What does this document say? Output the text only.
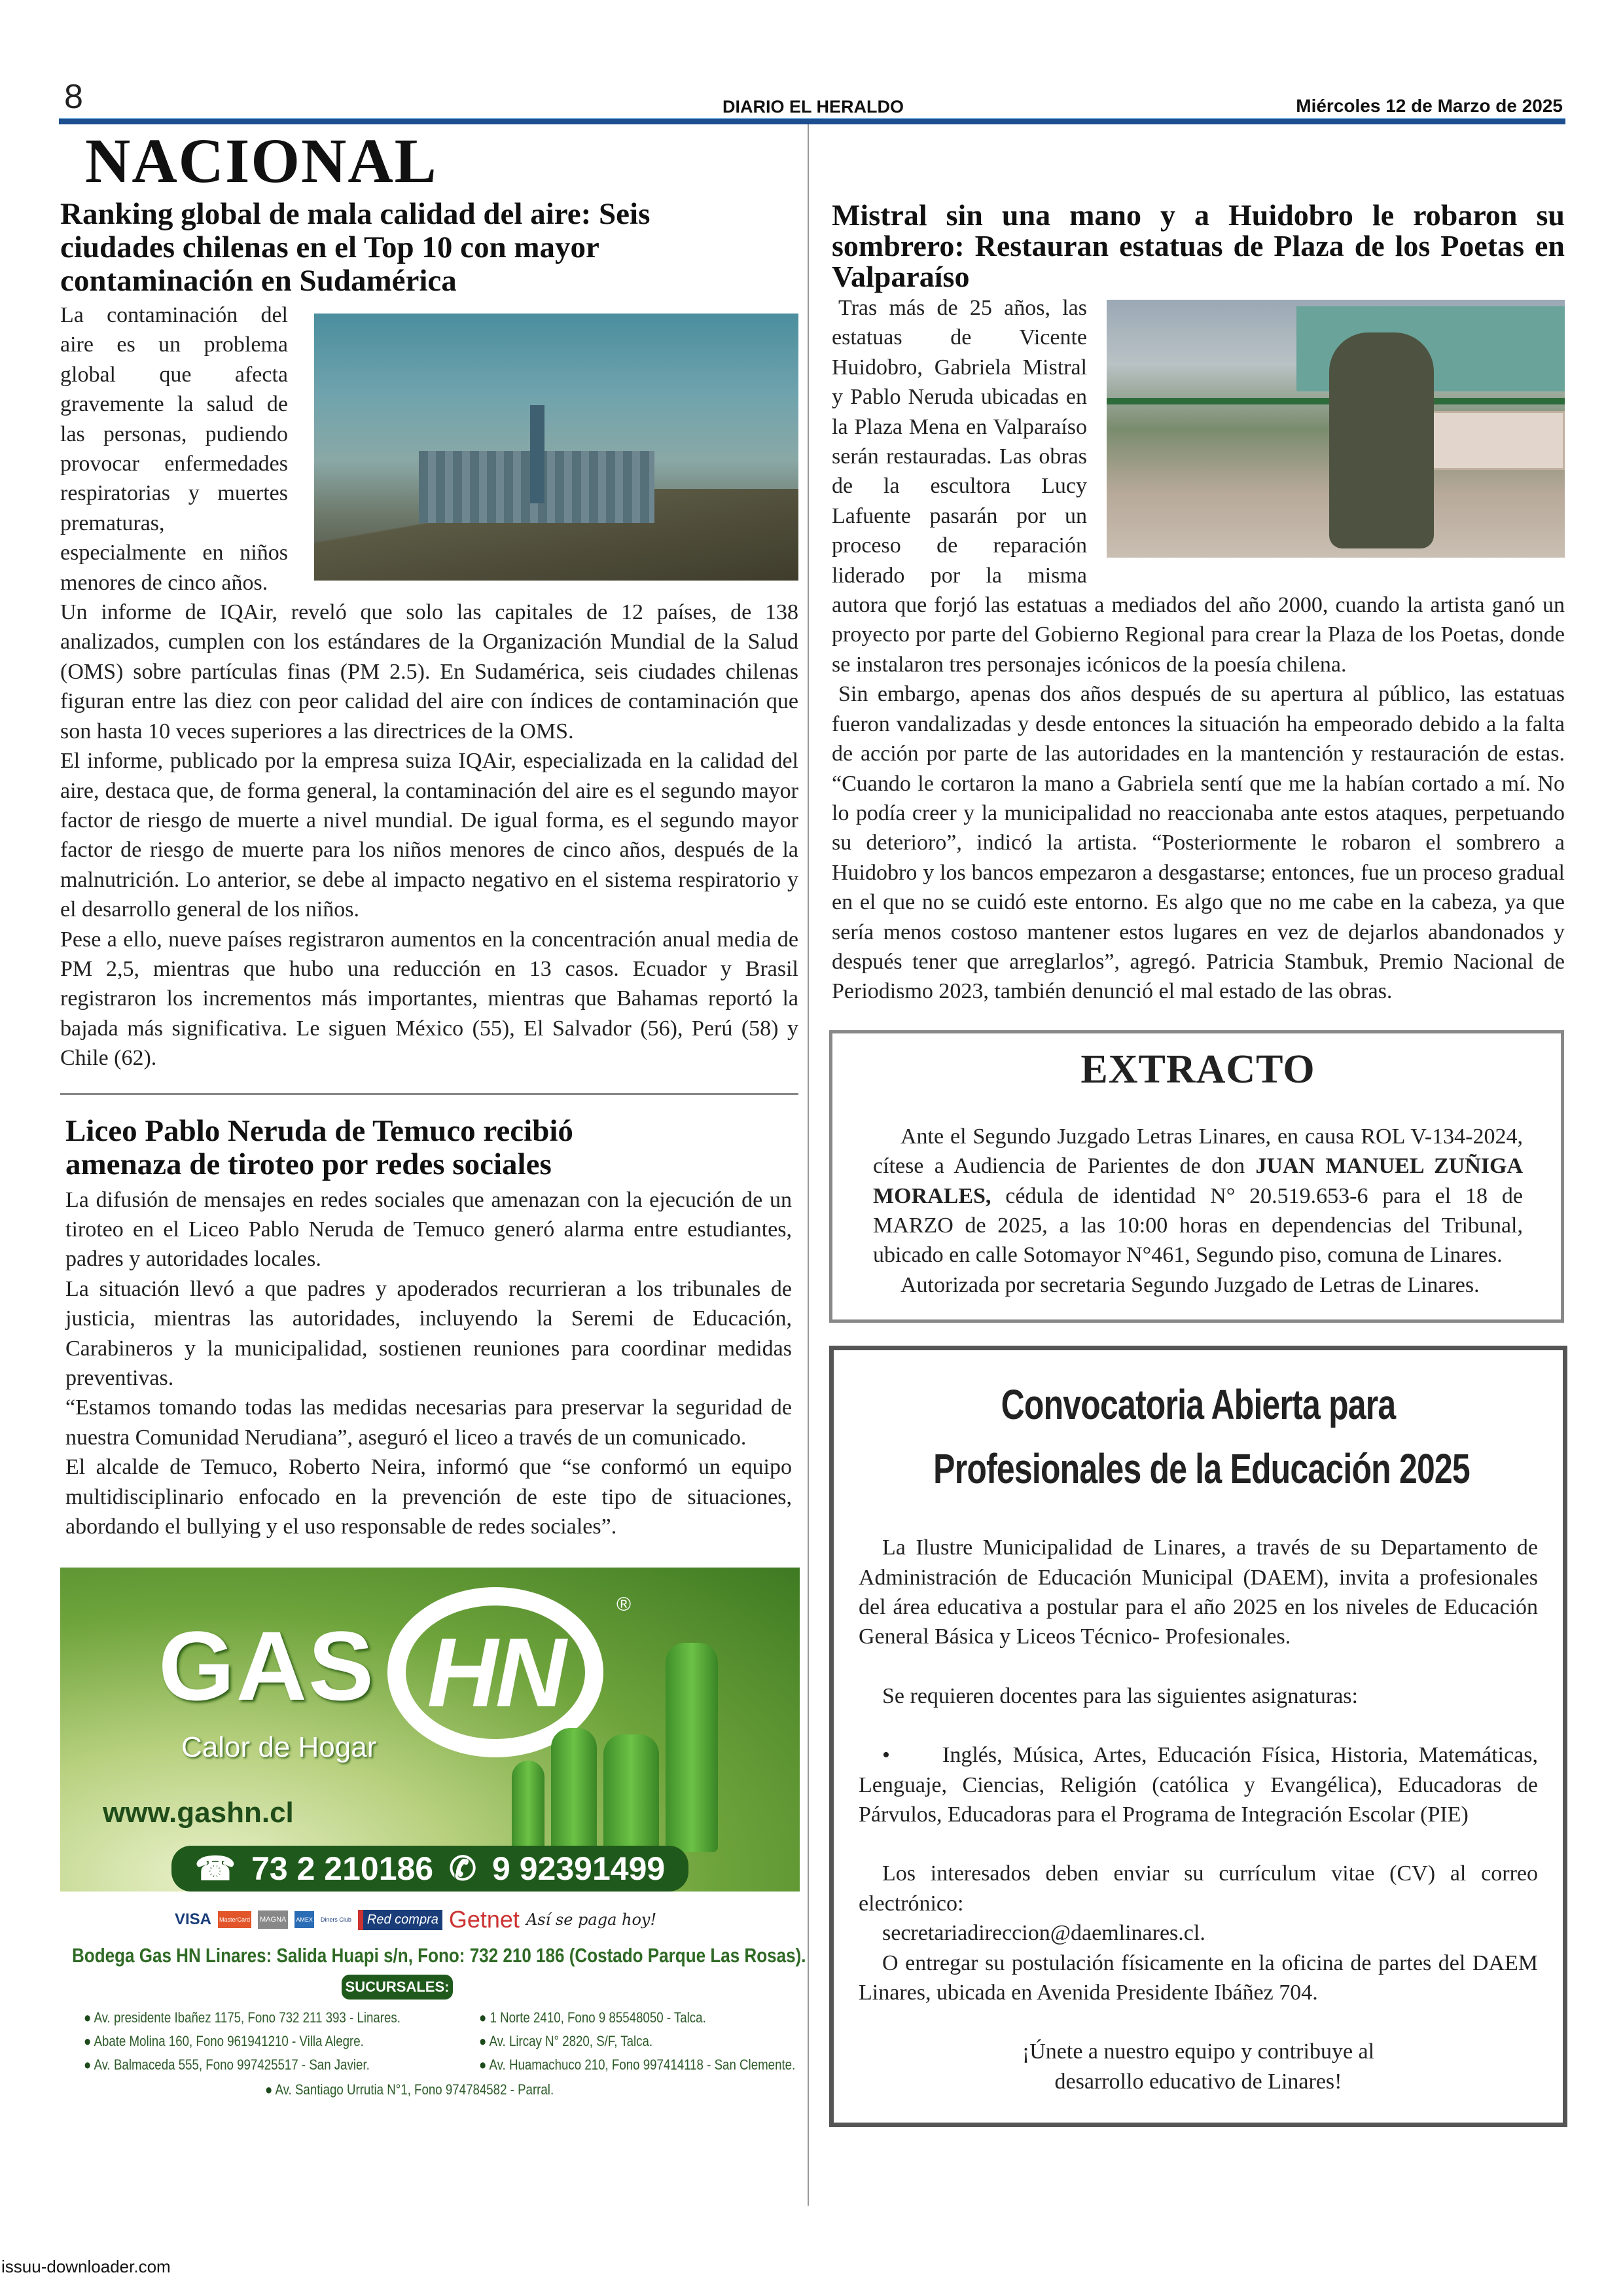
8	DIARIO EL HERALDO	Miércoles 12 de Marzo de 2025
NACIONAL
Ranking global de mala calidad del aire: Seis ciudades chilenas en el Top 10 con mayor contaminación en Sudamérica

La contaminación del aire es un problema global que afecta gravemente la salud de las personas, pudiendo provocar enfermedades respiratorias y muertes prematuras, especialmente en niños menores de cinco años.

Un informe de IQAir, reveló que solo las capitales de 12 países, de 138 analizados, cumplen con los estándares de la Organización Mundial de la Salud (OMS) sobre partículas finas (PM 2.5). En Sudamérica, seis ciudades chilenas figuran entre las diez con peor calidad del aire con índices de contaminación que son hasta 10 veces superiores a las directrices de la OMS.

El informe, publicado por la empresa suiza IQAir, especializada en la calidad del aire, destaca que, de forma general, la contaminación del aire es el segundo mayor factor de riesgo de muerte a nivel mundial. De igual forma, es el segundo mayor factor de riesgo de muerte para los niños menores de cinco años, después de la malnutrición. Lo anterior, se debe al impacto negativo en el sistema respiratorio y el desarrollo general de los niños.

Pese a ello, nueve países registraron aumentos en la concentración anual media de PM 2,5, mientras que hubo una reducción en 13 casos. Ecuador y Brasil registraron los incrementos más importantes, mientras que Bahamas reportó la bajada más significativa. Le siguen México (55), El Salvador (56), Perú (58) y Chile (62).

Liceo Pablo Neruda de Temuco recibió amenaza de tiroteo por redes sociales

La difusión de mensajes en redes sociales que amenazan con la ejecución de un tiroteo en el Liceo Pablo Neruda de Temuco generó alarma entre estudiantes, padres y autoridades locales.

La situación llevó a que padres y apoderados recurrieran a los tribunales de justicia, mientras las autoridades, incluyendo la Seremi de Educación, Carabineros y la municipalidad, sostienen reuniones para coordinar medidas preventivas.

“Estamos tomando todas las medidas necesarias para preservar la seguridad de nuestra Comunidad Nerudiana”, aseguró el liceo a través de un comunicado.

El alcalde de Temuco, Roberto Neira, informó que “se conformó un equipo multidisciplinario enfocado en la prevención de este tipo de situaciones, abordando el bullying y el uso responsable de redes sociales”.

GAS HN
®
Calor de Hogar
www.gashn.cl
☎ 73 2 210186 ✆ 9 92391499
VISA MasterCard MAGNA	AMEX Diners Club	Red compra Getnet Así se paga hoy!
Bodega Gas HN Linares: Salida Huapi s/n, Fono: 732 210 186 (Costado Parque Las Rosas).
SUCURSALES:
● Av. presidente Ibañez 1175, Fono 732 211 393 - Linares.
● Abate Molina 160, Fono 961941210 - Villa Alegre.
● Av. Balmaceda 555, Fono 997425517 - San Javier.
● 1 Norte 2410, Fono 9 85548050 - Talca.
● Av. Lircay N° 2820, S/F, Talca.
● Av. Huamachuco 210, Fono 997414118 - San Clemente.
● Av. Santiago Urrutia N°1, Fono 974784582 - Parral.
Mistral sin una mano y a Huidobro le robaron su sombrero: Restauran estatuas de Plaza de los Poetas en Valparaíso

Tras más de 25 años, las estatuas de Vicente Huidobro, Gabriela Mistral y Pablo Neruda ubicadas en la Plaza Mena en Valparaíso serán restauradas. Las obras de la escultora Lucy Lafuente pasarán por un proceso de reparación liderado por la misma autora que forjó las estatuas a mediados del año 2000, cuando la artista ganó un proyecto por parte del Gobierno Regional para crear la Plaza de los Poetas, donde se instalaron tres personajes icónicos de la poesía chilena.

Sin embargo, apenas dos años después de su apertura al público, las estatuas fueron vandalizadas y desde entonces la situación ha empeorado debido a la falta de acción por parte de las autoridades en la mantención y restauración de estas. “Cuando le cortaron la mano a Gabriela sentí que me la habían cortado a mí. No lo podía creer y la municipalidad no reaccionaba ante estos ataques, perpetuando su deterioro”, indicó la artista. “Posteriormente le robaron el sombrero a Huidobro y los bancos empezaron a desgastarse; entonces, fue un proceso gradual en el que no se cuidó este entorno. Es algo que no me cabe en la cabeza, ya que sería menos costoso mantener estos lugares en vez de dejarlos abandonados y después tener que arreglarlos”, agregó. Patricia Stambuk, Premio Nacional de Periodismo 2023, también denunció el mal estado de las obras.

EXTRACTO

Ante el Segundo Juzgado Letras Linares, en causa ROL V-134-2024, cítese a Audiencia de Parientes de don JUAN MANUEL ZUÑIGA MORALES, cédula de identidad N° 20.519.653-6 para el 18 de MARZO de 2025, a las 10:00 horas en dependencias del Tribunal, ubicado en calle Sotomayor N°461, Segundo piso, comuna de Linares.

Autorizada por secretaria Segundo Juzgado de Letras de Linares.

Convocatoria Abierta para
Profesionales de la Educación 2025

La Ilustre Municipalidad de Linares, a través de su Departamento de Administración de Educación Municipal (DAEM), invita a profesionales del área educativa a postular para el año 2025 en los niveles de Educación General Básica y Liceos Técnico- Profesionales.

Se requieren docentes para las siguientes asignaturas:

•     Inglés, Música, Artes, Educación Física, Historia, Matemáticas, Lenguaje, Ciencias, Religión (católica y Evangélica), Educadoras de Párvulos, Educadoras para el Programa de Integración Escolar (PIE)

Los interesados deben enviar su currículum vitae (CV) al correo electrónico:

secretariadireccion@daemlinares.cl.

O entregar su postulación físicamente en la oficina de partes del DAEM Linares, ubicada en Avenida Presidente Ibáñez 704.

¡Únete a nuestro equipo y contribuye al desarrollo educativo de Linares!

issuu-downloader.com
